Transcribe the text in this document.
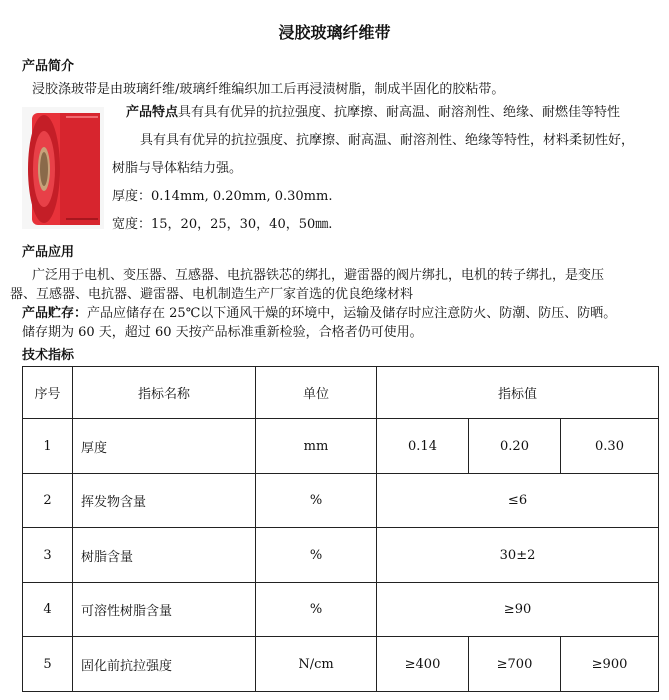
浸胶玻璃纤维带
产品简介
浸胶涤玻带是由玻璃纤维/玻璃纤维编织加工后再浸渍树脂，制成半固化的胶粘带。
产品特点具有具有优异的抗拉强度、抗摩擦、耐高温、耐溶剂性、绝缘、耐燃佳等特性
具有具有优异的抗拉强度、抗摩擦、耐高温、耐溶剂性、绝缘等特性，材料柔韧性好，
树脂与导体粘结力强。
厚度：0.14mm, 0.20mm, 0.30mm.
宽度：15，20，25，30，40，50㎜.
产品应用
广泛用于电机、变压器、互感器、电抗器铁芯的绑扎，避雷器的阀片绑扎，电机的转子绑扎，是变压
器、互感器、电抗器、避雷器、电机制造生产厂家首选的优良绝缘材料
产品贮存：产品应储存在 25℃以下通风干燥的环境中，运输及储存时应注意防火、防潮、防压、防晒。
储存期为 60 天，超过 60 天按产品标准重新检验，合格者仍可使用。
技术指标
序号	指标名称	单位	指标值		
1	厚度	mm	0.14	0.20	0.30
2	挥发物含量	%	≤6		
3	树脂含量	%	30±2		
4	可溶性树脂含量	%	≥90		
5	固化前抗拉强度	N/cm	≥400	≥700	≥900
